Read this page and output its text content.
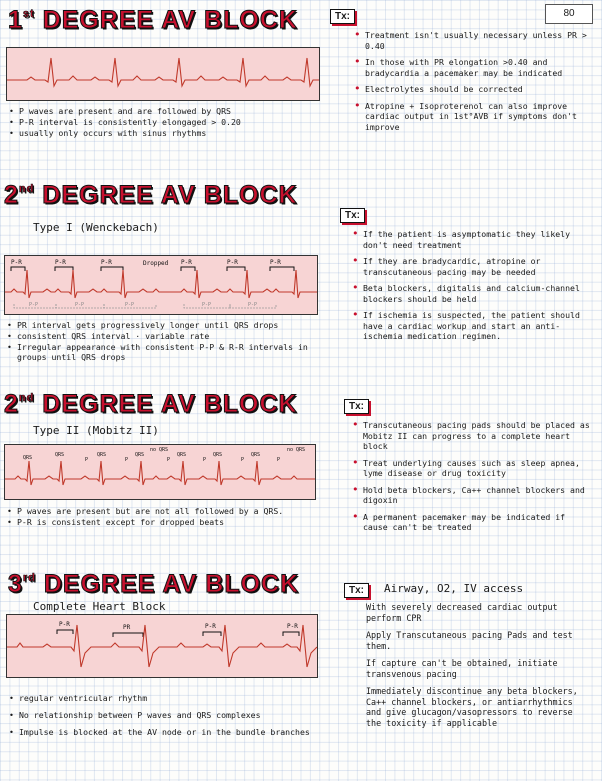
80
1st DEGREE AV BLOCK
• P waves are present and are followed by QRS
• P-R interval is consistently elongaged > 0.20
• usually only occurs with sinus rhythms
Tx:
• Treatment isn't usually necessary unless PR > 0.40
• In those with PR elongation >0.40 and bradycardia a pacemaker may be indicated
• Electrolytes should be corrected
• Atropine + Isoproterenol can also improve cardiac output in 1st°AVB if symptoms don't improve
2nd DEGREE AV BLOCK
Type I (Wenckebach)
P-R	P-R	P-R	Dropped P-R	P-R	P-R
P-P	P-P	P-P	P-P	P-P
• PR interval gets progressively longer until QRS drops
• consistent QRS interval · variable rate
• Irregular appearance with consistent P-P & R-R intervals in groups until QRS drops
Tx:
• If the patient is asymptomatic they likely don't need treatment
• If they are bradycardic, atropine or transcutaneous pacing may be needed
• Beta blockers, digitalis and calcium-channel blockers should be held
• If ischemia is suspected, the patient should have a cardiac workup and start an anti-ischemia medication regimen.
2nd DEGREE AV BLOCK
Type II (Mobitz II)
QRS	QRS
P
QRS
P
QRS
no QRS
P
QRS
P
QRS
P
QRS
P
no QRS
• P waves are present but are not all followed by a QRS.
• P-R is consistent except for dropped beats
Tx:
• Transcutaneous pacing pads should be placed as Mobitz II can progress to a complete heart block
• Treat underlying causes such as sleep apnea, lyme disease or drug toxicity
• Hold beta blockers, Ca++ channel blockers and digoxin
• A permanent pacemaker may be indicated if cause can't be treated
3rd DEGREE AV BLOCK
Complete Heart Block
P-R	PR	P-R	P-R
• regular ventricular rhythm
• No relationship between P waves and QRS complexes
• Impulse is blocked at the AV node or in the bundle branches
Tx:	Airway, O2, IV access
With severely decreased cardiac output perform CPR
Apply Transcutaneous pacing Pads and test them.
If capture can't be obtained, initiate transvenous pacing
Immediately discontinue any beta blockers, Ca++ channel blockers, or antiarrhythmics and give glucagon/vasopressors to reverse the toxicity if applicable
